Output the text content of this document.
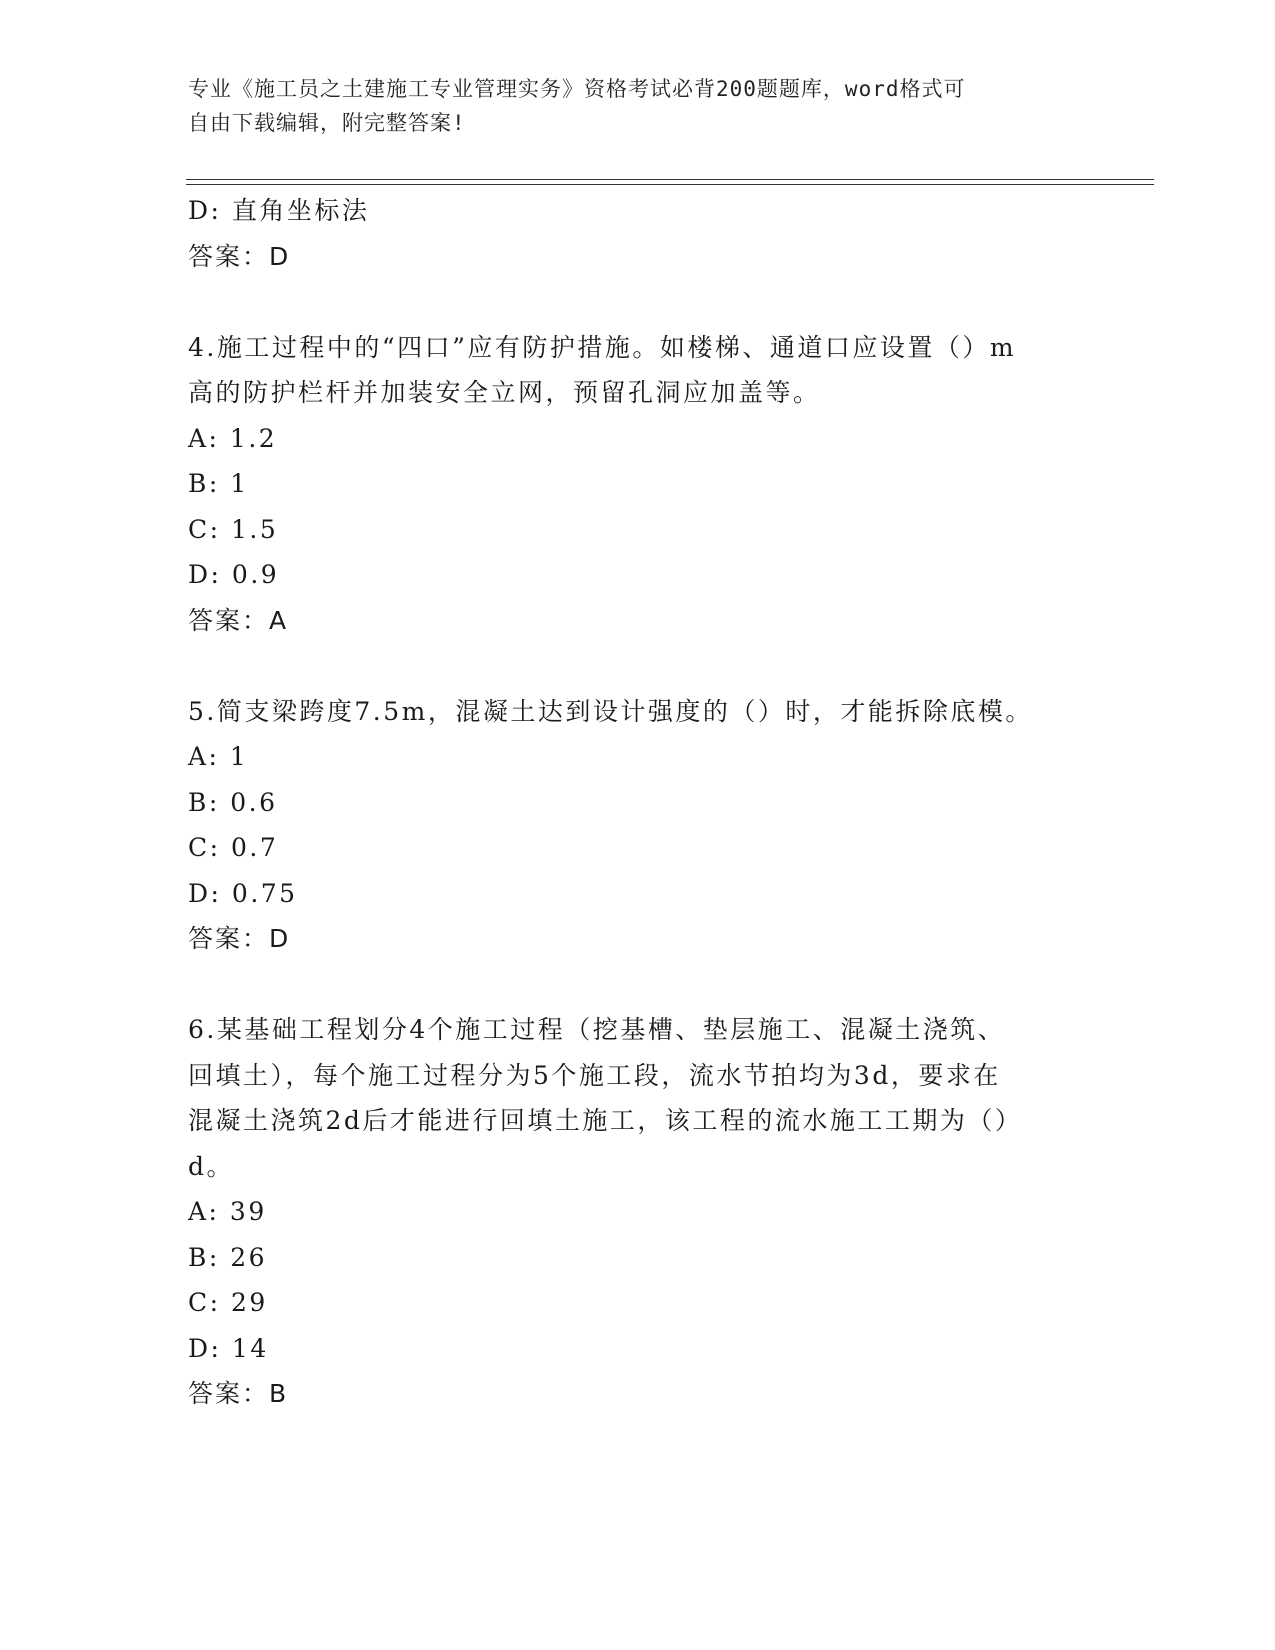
专业《施工员之土建施工专业管理实务》资格考试必背200题题库，word格式可
自由下载编辑，附完整答案!
D: 直角坐标法
答案：D
4.施工过程中的“四口”应有防护措施。如楼梯、通道口应设置（）m
高的防护栏杆并加装安全立网，预留孔洞应加盖等。
A: 1.2
B: 1
C: 1.5
D: 0.9
答案：A
5.简支梁跨度7.5m，混凝土达到设计强度的（）时，才能拆除底模。
A: 1
B: 0.6
C: 0.7
D: 0.75
答案：D
6.某基础工程划分4个施工过程（挖基槽、垫层施工、混凝土浇筑、
回填土），每个施工过程分为5个施工段，流水节拍均为3d，要求在
混凝土浇筑2d后才能进行回填土施工，该工程的流水施工工期为（）
d。
A: 39
B: 26
C: 29
D: 14
答案：B
